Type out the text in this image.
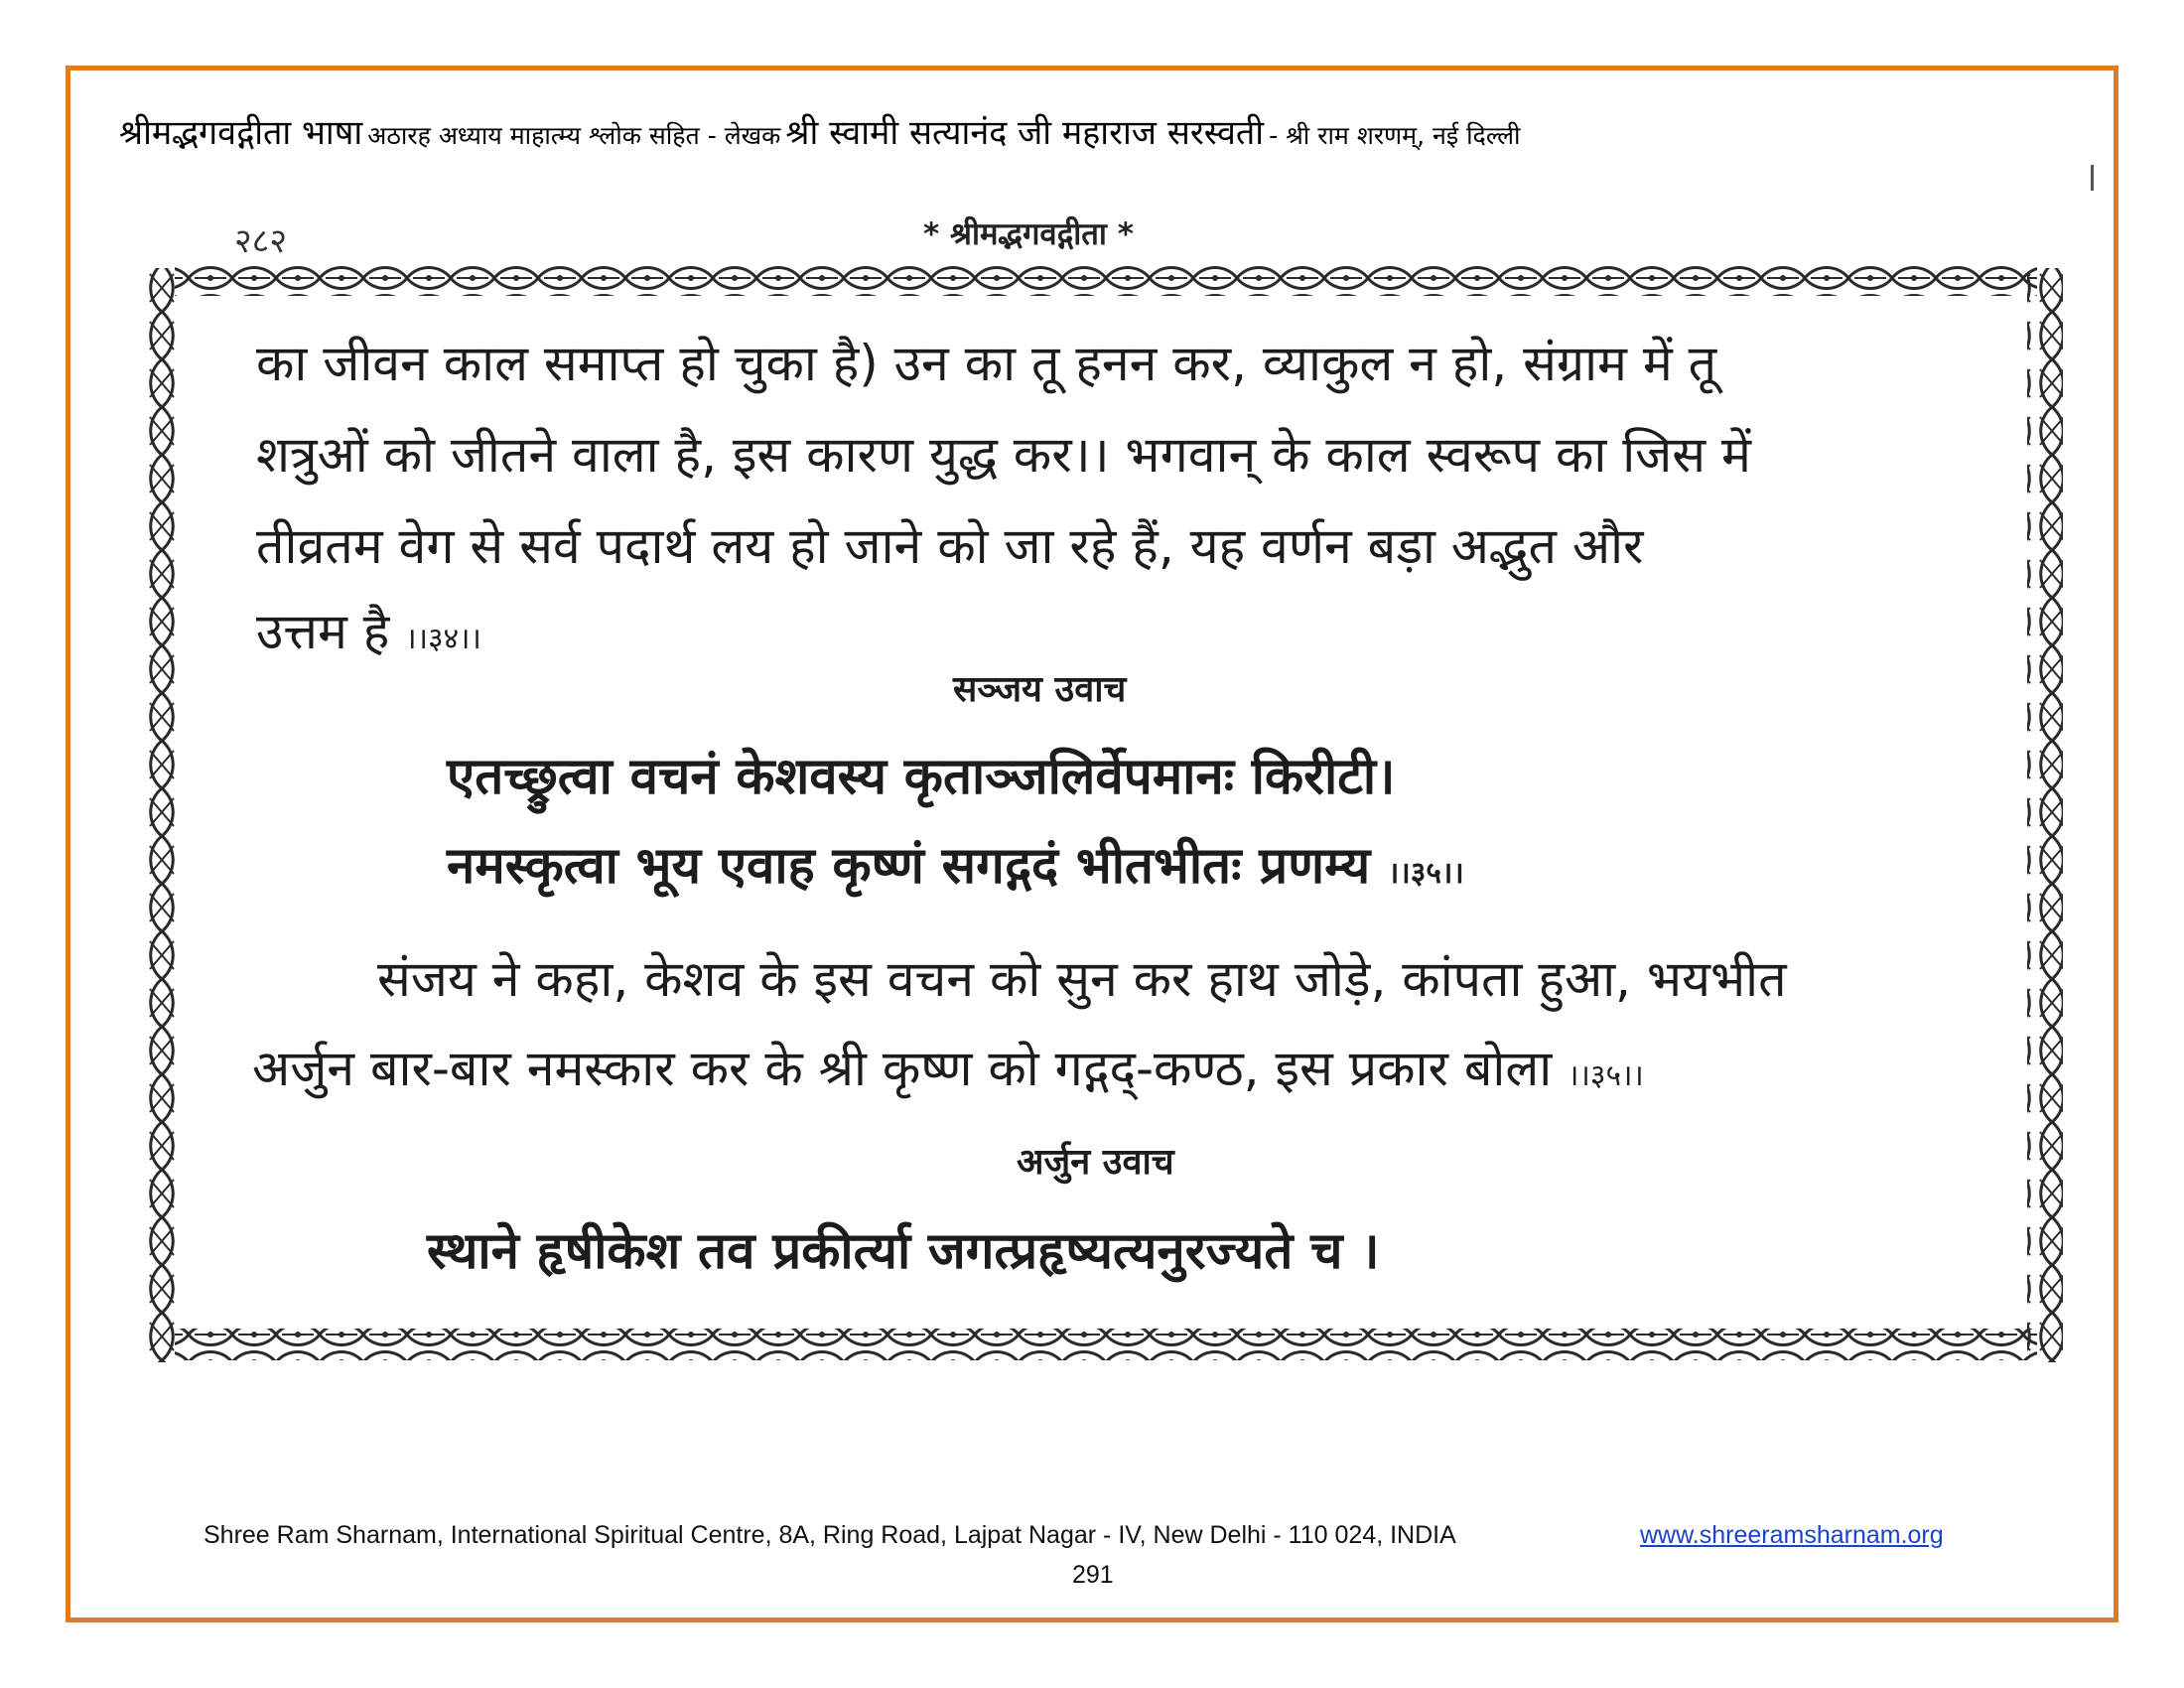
श्रीमद्भगवद्गीता भाषा अठारह अध्याय माहात्म्य श्लोक सहित - लेखक श्री स्वामी सत्यानंद जी महाराज सरस्वती - श्री राम शरणम्, नई दिल्ली
२८२	* श्रीमद्भगवद्गीता *
का जीवन काल समाप्त हो चुका है) उन का तू हनन कर, व्याकुल न हो, संग्राम में तू
शत्रुओं को जीतने वाला है, इस कारण युद्ध कर।। भगवान् के काल स्वरूप का जिस में
तीव्रतम वेग से सर्व पदार्थ लय हो जाने को जा रहे हैं, यह वर्णन बड़ा अद्भुत और
उत्तम है ।।३४।।
सञ्जय उवाच
एतच्छ्रुत्वा वचनं केशवस्य कृताञ्जलिर्वेपमानः किरीटी।
नमस्कृत्वा भूय एवाह कृष्णं सगद्गदं भीतभीतः प्रणम्य ।।३५।।
संजय ने कहा, केशव के इस वचन को सुन कर हाथ जोड़े, कांपता हुआ, भयभीत
अर्जुन बार-बार नमस्कार कर के श्री कृष्ण को गद्गद्-कण्ठ, इस प्रकार बोला ।।३५।।
अर्जुन उवाच
स्थाने हृषीकेश तव प्रकीर्त्या जगत्प्रहृष्यत्यनुरज्यते च ।
Shree Ram Sharnam, International Spiritual Centre, 8A, Ring Road, Lajpat Nagar - IV, New Delhi - 110 024, INDIA	www.shreeramsharnam.org
291
